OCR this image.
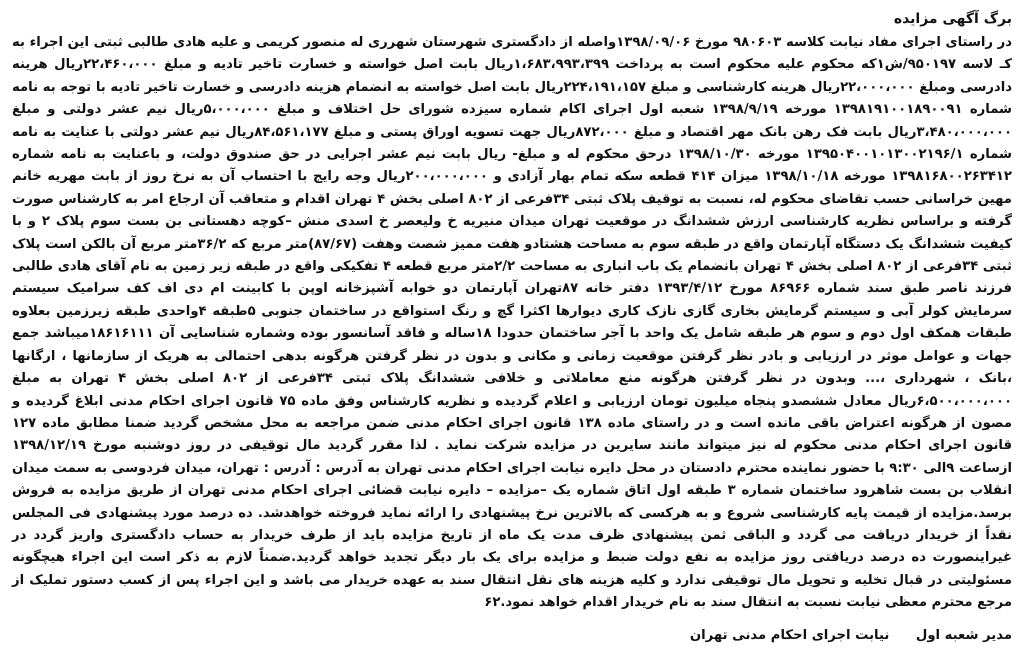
برگ آگهی مزایده

در راستای اجرای مفاد نیابت کلاسه ۹۸۰۶۰۳ مورخ ۱۳۹۸/۰۹/۰۶واصله از دادگستری شهرستان شهرری له منصور کریمی و علیه هادی طالبی ثبتی این اجراء به کـ لاسه ۹۵۰۱۹۷/ش۱که محکوم علیه محکوم است به پرداخت ۱،۶۸۳،۹۹۳،۳۹۹ریال بابت اصل خواسته و خسارت تاخیر تادیه و مبلغ ۲۲،۴۶۰،۰۰۰ریال هرینه دادرسی ومبلغ ۲۲،۰۰۰،۰۰۰ریال هرینه کارشناسی و مبلغ ۲۲۴،۱۹۱،۱۵۷ریال بابت اصل خواسته به انضمام هزینه دادرسی و خسارت تاخیر تادیه با توجه به نامه شماره ۱۳۹۸۱۹۱۰۰۱۸۹۰۰۹۱ مورخه ۱۳۹۸/۹/۱۹ شعبه اول اجرای اکام شماره سیزده شورای حل اختلاف و مبلغ ۵،۰۰۰،۰۰۰ریال نیم عشر دولتی و مبلغ ۳،۴۸۰،۰۰۰،۰۰۰ریال بابت فک رهن بانک مهر اقتصاد و مبلغ ۸۷۲،۰۰۰ریال جهت تسویه اوراق پستی و مبلغ ۸۴،۵۶۱،۱۷۷ریال نیم عشر دولتی با عنایت به نامه شماره ۱۳۹۵۰۴۰۰۱۰۱۳۰۰۲۱۹۶/۱ مورخه ۱۳۹۸/۱۰/۳۰ درحق محکوم له و مبلغ- ریال بابت نیم عشر اجرایی در حق صندوق دولت، و باعنایت به نامه شماره ۱۳۹۸۱۶۸۰۰۲۶۳۴۱۲ مورخه ۱۳۹۸/۱۰/۱۸ میزان ۴۱۴ قطعه سکه تمام بهار آزادی و ۲۰۰،۰۰۰،۰۰۰ریال وجه رایج با احتساب آن به نرخ روز از بابت مهریه خانم مهین خراسانی حسب تقاضای محکوم له، نسبت به توقیف پلاک ثبتی ۳۴فرعی از ۸۰۲ اصلی بخش ۴ تهران اقدام و متعاقب آن ارجاع امر به کارشناس صورت گرفته و براساس نظریه کارشناسی ارزش ششدانگ در موقعیت تهران میدان منیریه خ ولیعصر خ اسدی منش –کوچه دهستانی بن بست سوم پلاک ۲ و با کیفیت ششدانگ یک دستگاه آپارتمان واقع در طبقه سوم به مساحت هشتادو هفت ممیز شصت وهفت (۸۷/۶۷)متر مربع که ۳۶/۲متر مربع آن بالکن است پلاک ثبتی ۳۴فرعی از ۸۰۲ اصلی بخش ۴ تهران بانضمام یک باب انباری به مساحت ۲/۲متر مربع قطعه ۴ تفکیکی واقع در طبقه زیر زمین به نام آقای هادی طالبی فرزند ناصر طبق سند شماره ۸۶۹۶۶ مورخ ۱۳۹۳/۴/۱۲ دفتر خانه ۸۷تهران آپارتمان دو خوابه آشپزخانه اوپن با کابینت ام دی اف کف سرامیک سیستم سرمایش کولر آبی و سیستم گرمایش بخاری گازی نازک کاری دیوارها اکثرا گچ و رنگ استواقع در ساختمان جنوبی ۵طبقه ۴واحدی طبقه زیرزمین بعلاوه طبقات همکف اول دوم و سوم هر طبقه شامل یک واحد با آجر ساختمان حدودا ۱۸ساله و فاقد آسانسور بوده وشماره شناسایی آن ۱۸۶۱۶۱۱۱میباشد جمع جهات و عوامل موثر در ارزیابی و بادر نظر گرفتن موقعیت زمانی و مکانی و بدون در نظر گرفتن هرگونه بدهی احتمالی به هریک از سازمانها ، ارگانها ،بانک ، شهرداری ،... وبدون در نظر گرفتن هرگونه منع معاملاتی و خلافی ششدانگ پلاک ثبتی ۳۴فرعی از ۸۰۲ اصلی بخش ۴ تهران به مبلغ ۶،۵۰۰،۰۰۰،۰۰۰ریال معادل ششصدو پنجاه میلیون تومان ارزیابی و اعلام گردیده و نظریه کارشناس وفق ماده ۷۵ قانون اجرای احکام مدنی ابلاغ گردیده و مصون از هرگونه اعتراض باقی مانده است و در راستای ماده ۱۳۸ قانون اجرای احکام مدنی ضمن مراجعه به محل مشخص گردید ضمنا مطابق ماده ۱۲۷ قانون اجرای احکام مدنی محکوم له نیز میتواند مانند سایرین در مزایده شرکت نماید . لذا مقرر گردید مال توقیفی در روز دوشنبه مورخ ۱۳۹۸/۱۲/۱۹ ازساعت ۹الی ۹:۳۰ با حضور نماینده محترم دادستان در محل دایره نیابت اجرای احکام مدنی تهران به آدرس : آدرس : تهران، میدان فردوسی به سمت میدان انقلاب بن بست شاهرود ساختمان شماره ۳ طبقه اول اتاق شماره یک –مزایده – دایره نیابت قضائی اجرای احکام مدنی تهران از طریق مزایده به فروش برسد.مزایده از قیمت پایه کارشناسی شروع و به هرکسی که بالاترین نرخ پیشنهادی را ارائه نماید فروخته خواهدشد. ده درصد مورد پیشنهادی فی المجلس نقداً از خریدار دریافت می گردد و الباقی ثمن پیشنهادی ظرف مدت یک ماه از تاریخ مزایده باید از طرف خریدار به حساب دادگستری واریز گردد در غیراینصورت ده درصد دریافتی روز مزایده به نفع دولت ضبط و مزایده برای یک بار دیگر تجدید خواهد گردید.ضمناً لازم به ذکر است این اجراء هیچگونه مسئولیتی در قبال تخلیه و تحویل مال توقیفی ندارد و کلیه هزینه های نقل انتقال سند به عهده خریدار می باشد و این اجراء پس از کسب دستور تملیک از مرجع محترم معظی نیابت نسبت به انتقال سند به نام خریدار اقدام خواهد نمود.۶۲

مدیر شعبه اول نیابت اجرای احکام مدنی تهران
